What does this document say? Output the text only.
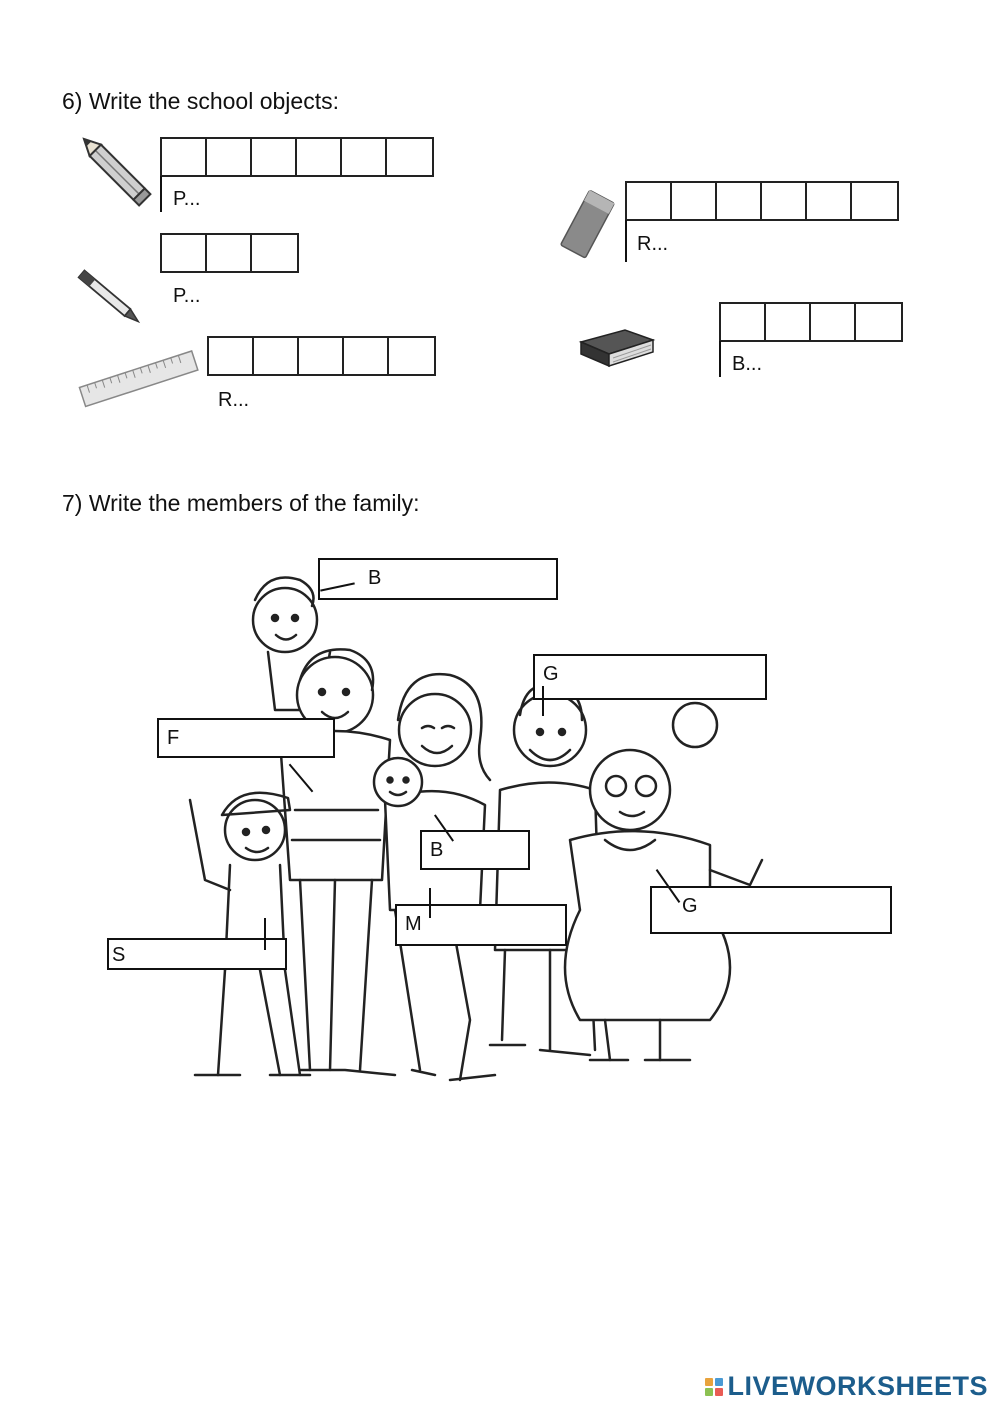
6) Write the school objects:
P...
P...
R...
R...
B...
7) Write the members of the family:
B
G
F
B
G
M
S
LIVEWORKSHEETS
